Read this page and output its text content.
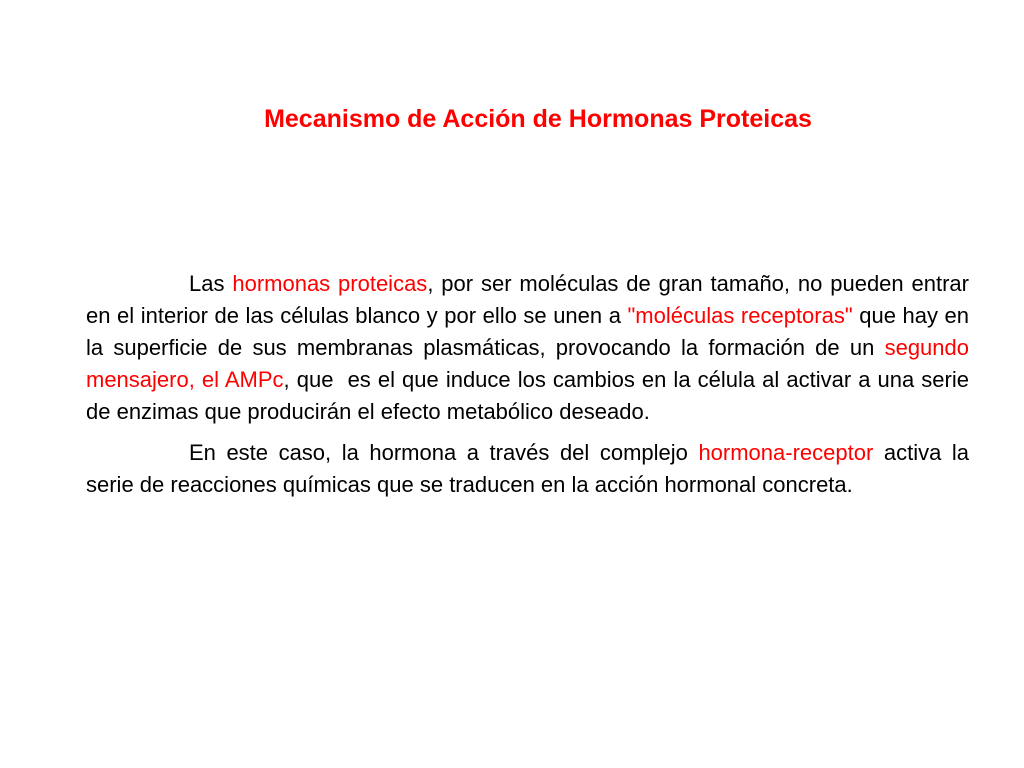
Mecanismo de Acción de Hormonas Proteicas

Las hormonas proteicas, por ser moléculas de gran tamaño, no pueden entrar en el interior de las células blanco y por ello se unen a "moléculas receptoras" que hay en la superficie de sus membranas plasmáticas, provocando la formación de un segundo mensajero, el AMPc, que  es el que induce los cambios en la célula al activar a una serie de enzimas que producirán el efecto metabólico deseado.

En este caso, la hormona a través del complejo hormona-receptor activa la serie de reacciones químicas que se traducen en la acción hormonal concreta.
